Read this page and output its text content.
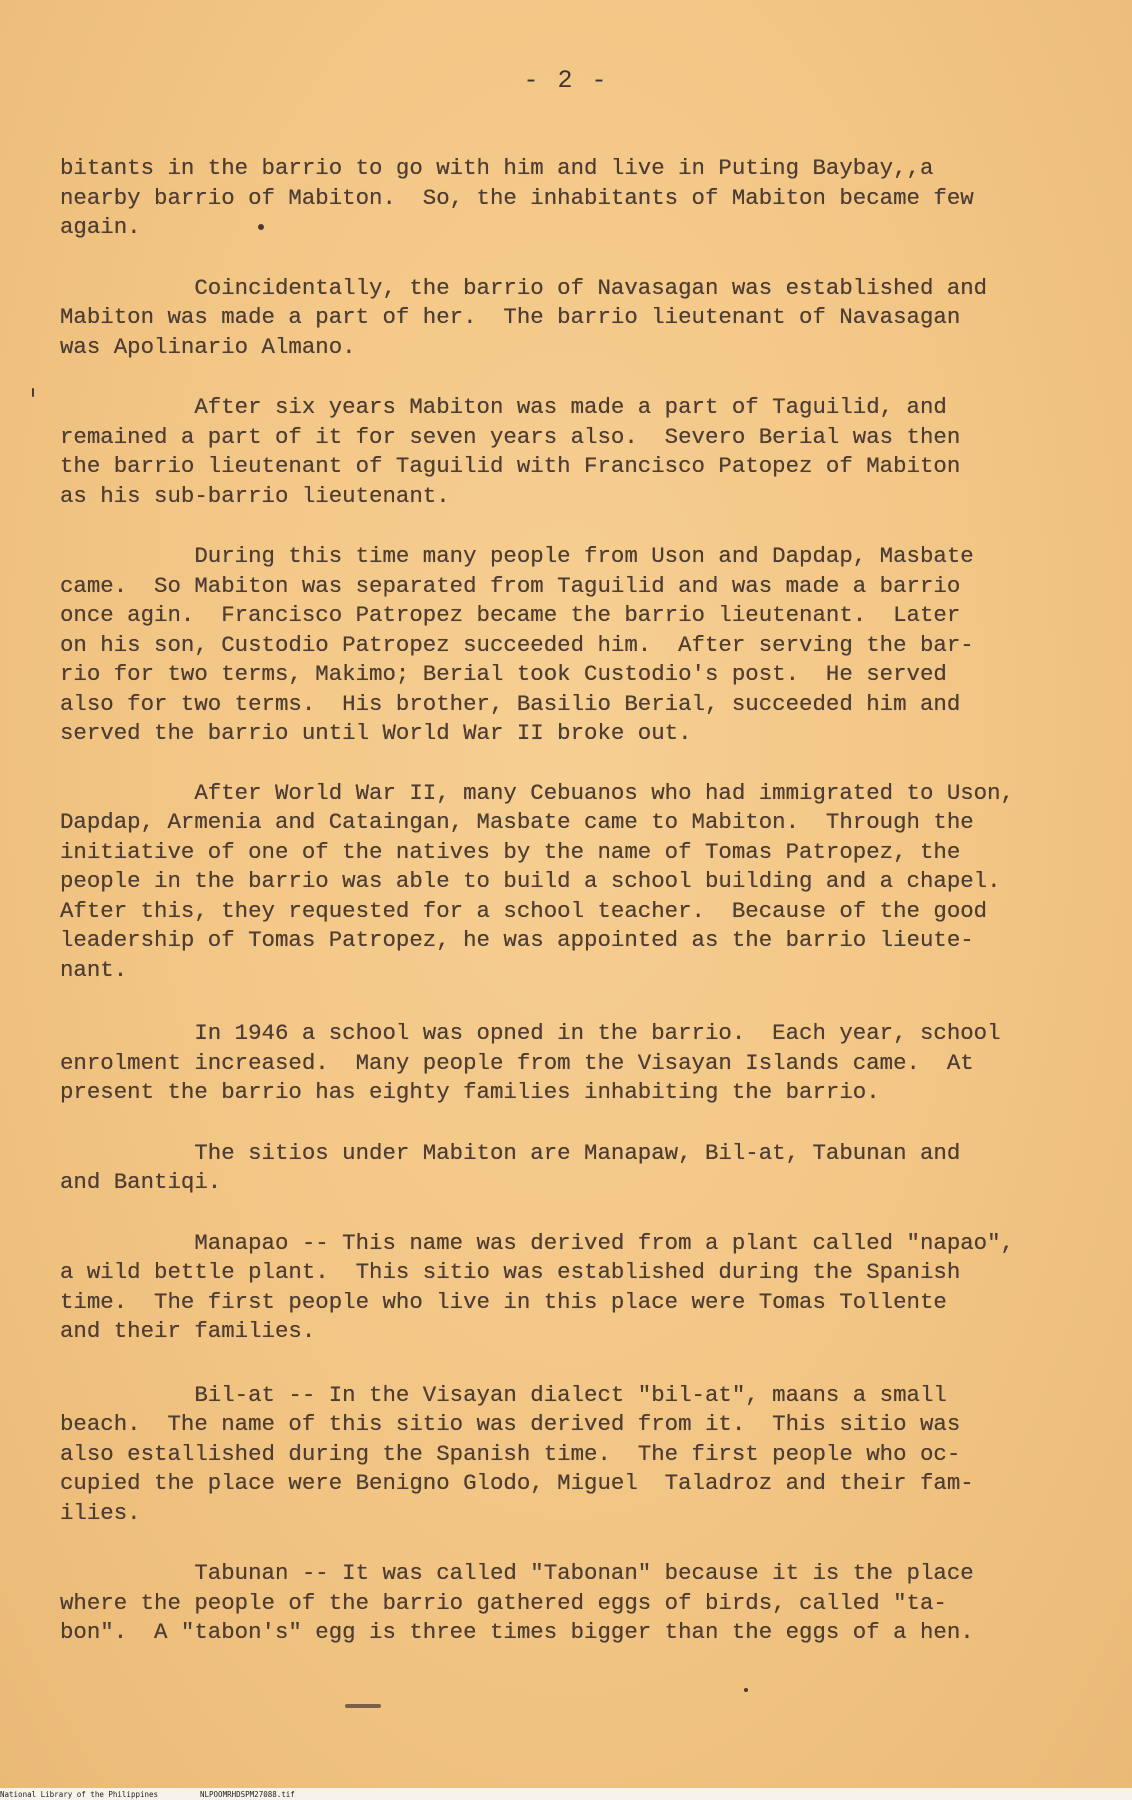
- 2 -

bitants in the barrio to go with him and live in Puting Baybay,,a
nearby barrio of Mabiton.  So, the inhabitants of Mabiton became few
again.

Coincidentally, the barrio of Navasagan was established and
Mabiton was made a part of her.  The barrio lieutenant of Navasagan
was Apolinario Almano.

After six years Mabiton was made a part of Taguilid, and
remained a part of it for seven years also.  Severo Berial was then
the barrio lieutenant of Taguilid with Francisco Patopez of Mabiton
as his sub-barrio lieutenant.

During this time many people from Uson and Dapdap, Masbate
came.  So Mabiton was separated from Taguilid and was made a barrio
once agin.  Francisco Patropez became the barrio lieutenant.  Later
on his son, Custodio Patropez succeeded him.  After serving the bar-
rio for two terms, Makimo; Berial took Custodio's post.  He served
also for two terms.  His brother, Basilio Berial, succeeded him and
served the barrio until World War II broke out.

After World War II, many Cebuanos who had immigrated to Uson,
Dapdap, Armenia and Cataingan, Masbate came to Mabiton.  Through the
initiative of one of the natives by the name of Tomas Patropez, the
people in the barrio was able to build a school building and a chapel.
After this, they requested for a school teacher.  Because of the good
leadership of Tomas Patropez, he was appointed as the barrio lieute-
nant.

In 1946 a school was opned in the barrio.  Each year, school
enrolment increased.  Many people from the Visayan Islands came.  At
present the barrio has eighty families inhabiting the barrio.

The sitios under Mabiton are Manapaw, Bil-at, Tabunan and
and Bantiqi.

Manapao -- This name was derived from a plant called "napao",
a wild bettle plant.  This sitio was established during the Spanish
time.  The first people who live in this place were Tomas Tollente
and their families.

Bil-at -- In the Visayan dialect "bil-at", maans a small
beach.  The name of this sitio was derived from it.  This sitio was
also estallished during the Spanish time.  The first people who oc-
cupied the place were Benigno Glodo, Miguel  Taladroz and their fam-
ilies.

Tabunan -- It was called "Tabonan" because it is the place
where the people of the barrio gathered eggs of birds, called "ta-
bon".  A "tabon's" egg is three times bigger than the eggs of a hen.

National Library of the Philippines	NLPOOMRHDSPM27088.tif
